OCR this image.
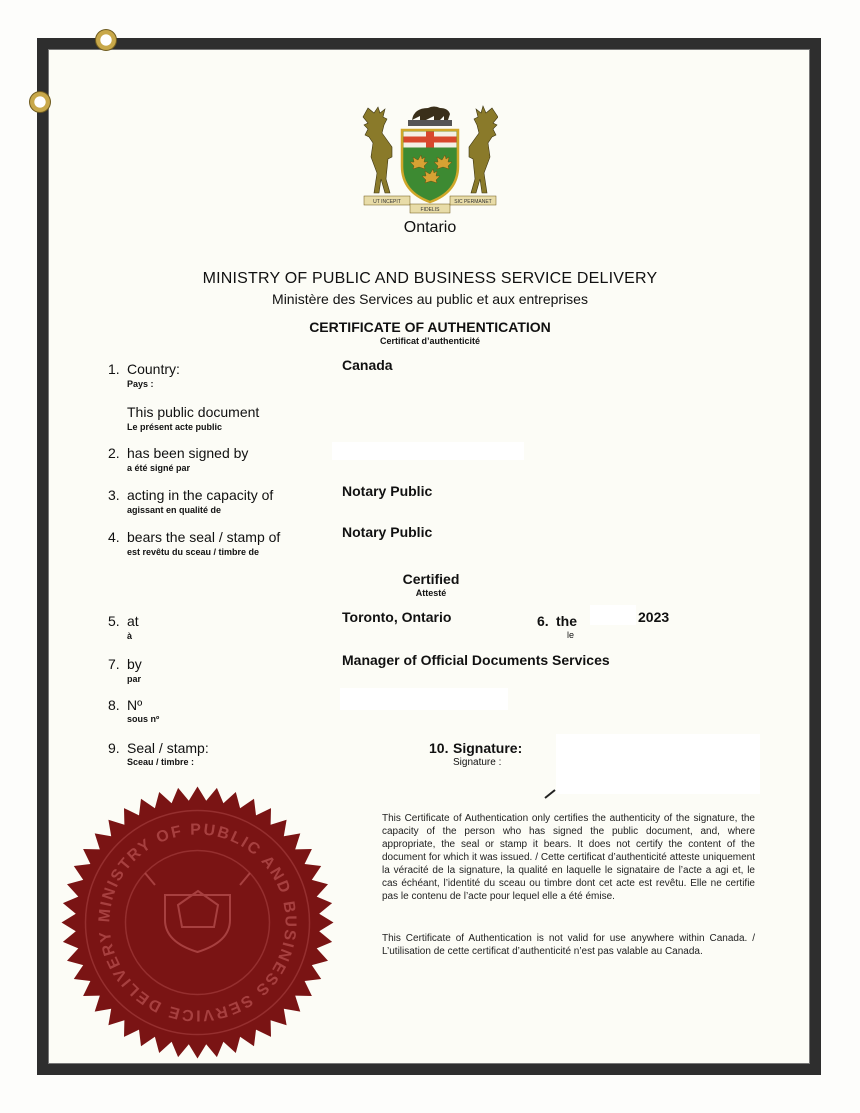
UT INCEPIT
FIDELIS
SIC PERMANET
Ontario
MINISTRY OF PUBLIC AND BUSINESS SERVICE DELIVERY
Ministère des Services au public et aux entreprises
CERTIFICATE OF AUTHENTICATION
Certificat d’authenticité
1. Country:
Pays :
Canada
This public document
Le présent acte public
2. has been signed by
a été signé par
3. acting in the capacity of
agissant en qualité de
Notary Public
4. bears the seal / stamp of
est revêtu du sceau / timbre de
Notary Public
Certified
Attesté
5. at
à
Toronto, Ontario	6. the
le
2023
7. by
par
Manager of Official Documents Services
8. Nº
sous nº
9. Seal / stamp:
Sceau / timbre :
10. Signature:
Signature :
This Certificate of Authentication only certifies the authenticity of the signature, the capacity of the person who has signed the public document, and, where appropriate, the seal or stamp it bears. It does not certify the content of the document for which it was issued. / Cette certificat d’authenticité atteste uniquement la véracité de la signature, la qualité en laquelle le signataire de l’acte a agi et, le cas échéant, l’identité du sceau ou timbre dont cet acte est revêtu. Elle ne certifie pas le contenu de l’acte pour lequel elle a été émise.
This Certificate of Authentication is not valid for use anywhere within Canada. / L’utilisation de cette certificat d’authenticité n’est pas valable au Canada.
MINISTRY OF PUBLIC AND BUSINESS SERVICE DELIVERY
